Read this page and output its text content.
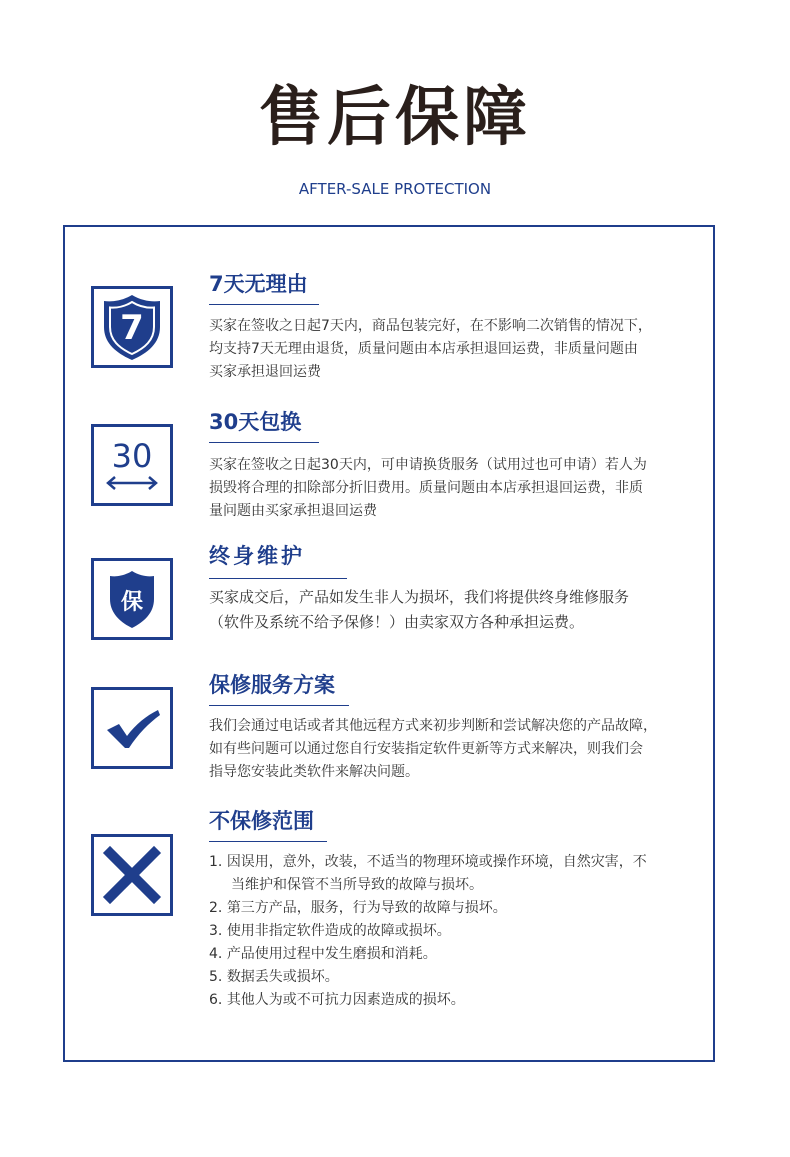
售后保障
AFTER-SALE PROTECTION
7
7天无理由

买家在签收之日起7天内，商品包装完好，在不影响二次销售的情况下，

均支持7天无理由退货，质量问题由本店承担退回运费，非质量问题由

买家承担退回运费

30
30天包换

买家在签收之日起30天内，可申请换货服务（试用过也可申请）若人为

损毁将合理的扣除部分折旧费用。质量问题由本店承担退回运费，非质

量问题由买家承担退回运费

保
终身维护

买家成交后，产品如发生非人为损坏，我们将提供终身维修服务

（软件及系统不给予保修！）由卖家双方各种承担运费。

保修服务方案

我们会通过电话或者其他远程方式来初步判断和尝试解决您的产品故障，

如有些问题可以通过您自行安装指定软件更新等方式来解决，则我们会

指导您安装此类软件来解决问题。

不保修范围

1. 因误用，意外，改装，不适当的物理环境或操作环境，自然灾害，不

当维护和保管不当所导致的故障与损坏。

2. 第三方产品，服务，行为导致的故障与损坏。

3. 使用非指定软件造成的故障或损坏。

4. 产品使用过程中发生磨损和消耗。

5. 数据丢失或损坏。

6. 其他人为或不可抗力因素造成的损坏。
